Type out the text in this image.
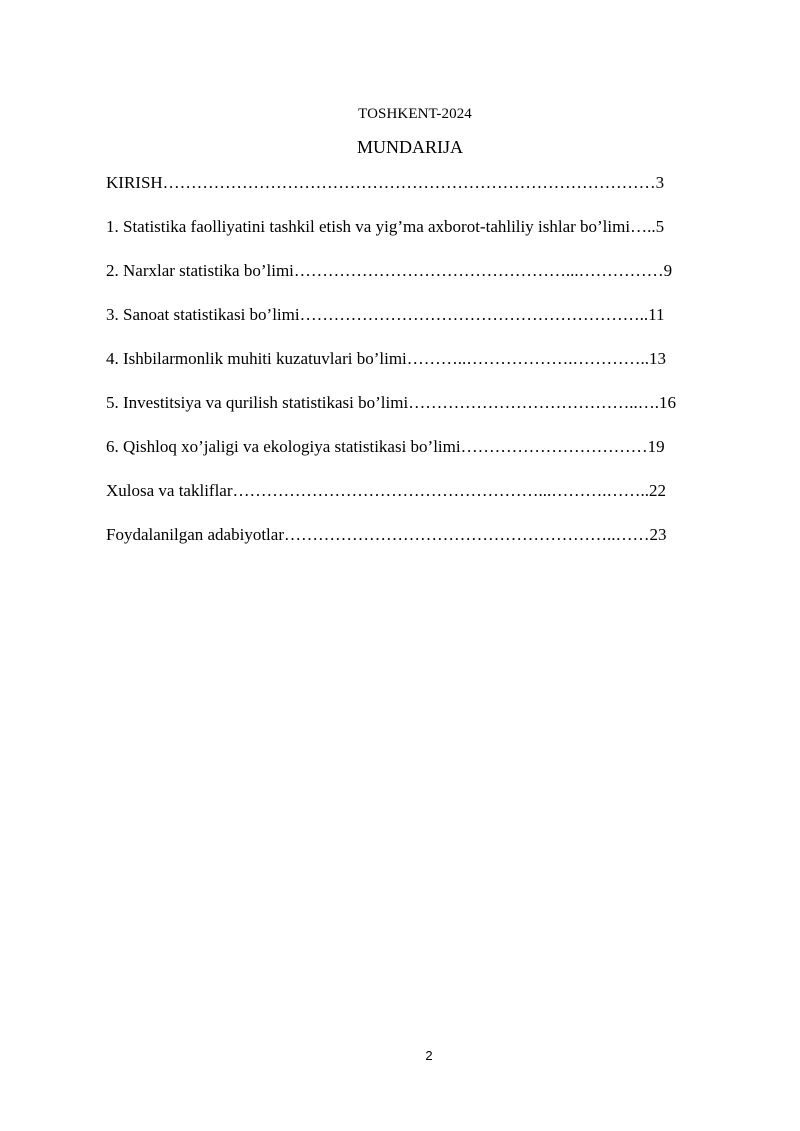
TOSHKENT-2024
MUNDARIJA
KIRISH……………………………………………………………………………3
1. Statistika faolliyatini tashkil etish va yig’ma axborot-tahliliy ishlar bo’limi…..5
2. Narxlar statistika bo’limi…………………………………………...……………9
3. Sanoat statistikasi bo’limi……………………………………………………..11
4. Ishbilarmonlik muhiti kuzatuvlari bo’limi………..……………….…………..13
5. Investitsiya va qurilish statistikasi bo’limi…………………………………..….16
6. Qishloq xo’jaligi va ekologiya statistikasi bo’limi……………………………19
Xulosa va takliflar………………………………………………...……….……..22
Foydalanilgan adabiyotlar…………………………………………………..……23
2
